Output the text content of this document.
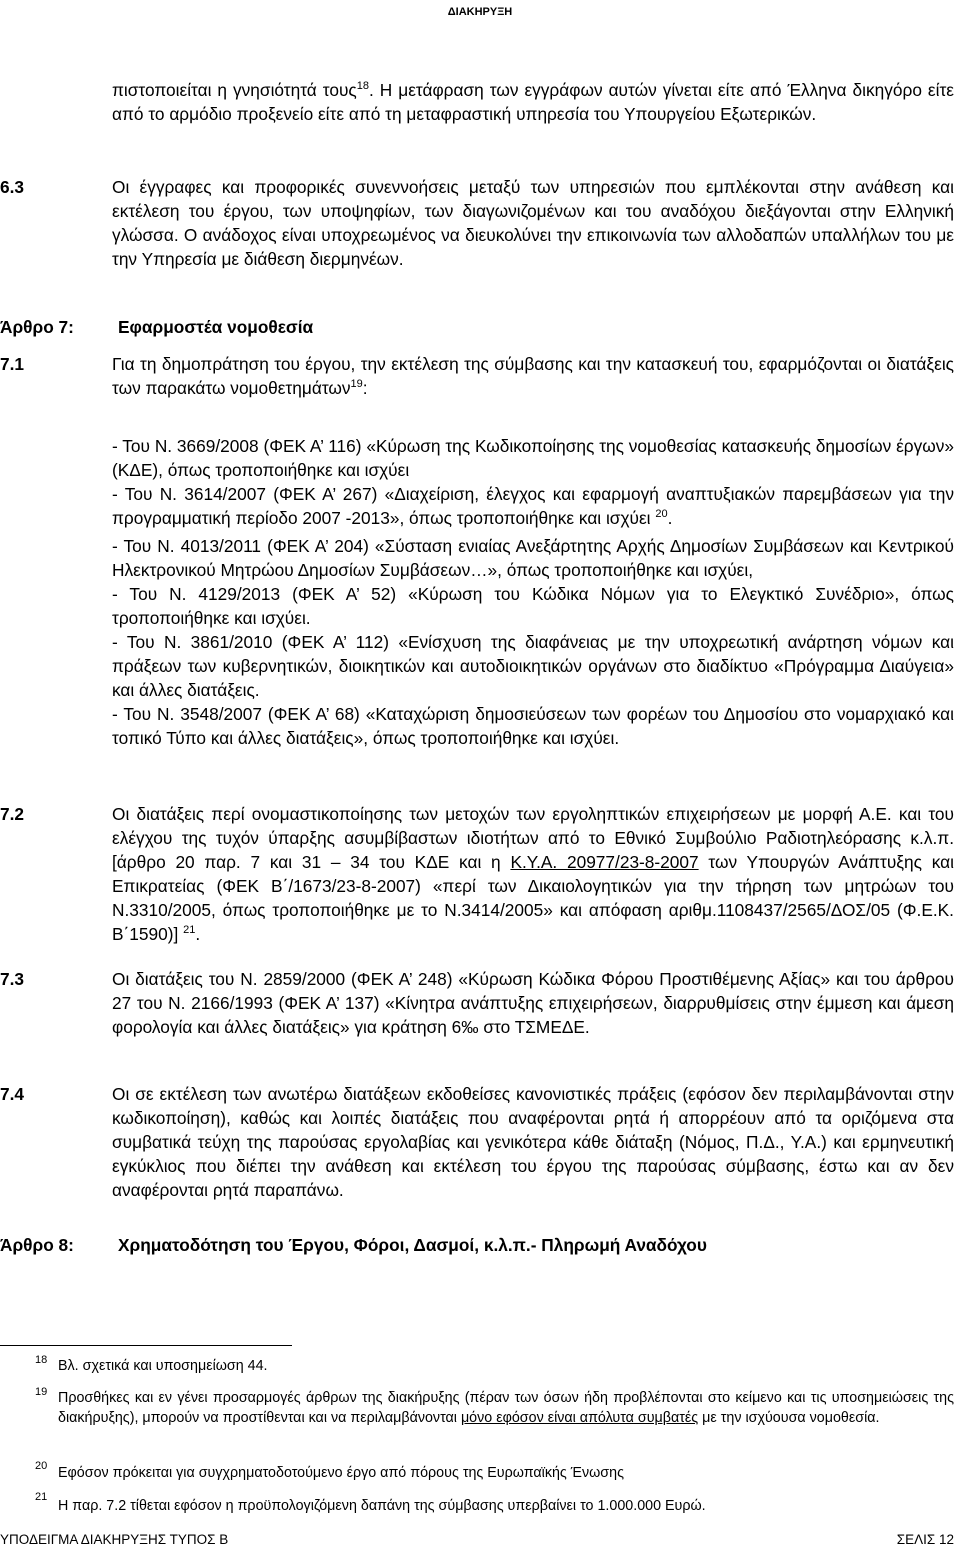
ΔΙΑΚΗΡΥΞΗ
πιστοποιείται η γνησιότητά τους$^{18}$. Η μετάφραση των εγγράφων αυτών γίνεται είτε από Έλληνα δικηγόρο είτε από το αρμόδιο προξενείο είτε από τη μεταφραστική υπηρεσία του Υπουργείου Εξωτερικών.
6.3	Οι έγγραφες και προφορικές συνεννοήσεις μεταξύ των υπηρεσιών που εμπλέκονται στην ανάθεση και εκτέλεση του έργου, των υποψηφίων, των διαγωνιζομένων και του αναδόχου διεξάγονται στην Ελληνική γλώσσα. Ο ανάδοχος είναι υποχρεωμένος να διευκολύνει την επικοινωνία των αλλοδαπών υπαλλήλων του με την Υπηρεσία με διάθεση διερμηνέων.
Άρθρο 7:	Εφαρμοστέα νομοθεσία
7.1	Για τη δημοπράτηση του έργου, την εκτέλεση της σύμβασης και την κατασκευή του, εφαρμόζονται οι διατάξεις των παρακάτω νομοθετημάτων$^{19}$:
- Του Ν. 3669/2008 (ΦΕΚ Α’ 116) «Κύρωση της Κωδικοποίησης της νομοθεσίας κατασκευής δημοσίων έργων» (ΚΔΕ), όπως τροποποιήθηκε και ισχύει
- Του Ν. 3614/2007 (ΦΕΚ Α’ 267) «Διαχείριση, έλεγχος και εφαρμογή αναπτυξιακών παρεμβάσεων για την προγραμματική περίοδο 2007 -2013», όπως τροποποιήθηκε και ισχύει $^{20}$.
- Του Ν. 4013/2011 (ΦΕΚ Α’ 204) «Σύσταση ενιαίας Ανεξάρτητης Αρχής Δημοσίων Συμβάσεων και Κεντρικού Ηλεκτρονικού Μητρώου Δημοσίων Συμβάσεων…», όπως τροποποιήθηκε και ισχύει,
- Του Ν. 4129/2013 (ΦΕΚ Α’ 52) «Κύρωση του Κώδικα Νόμων για το Ελεγκτικό Συνέδριο», όπως τροποποιήθηκε και ισχύει.
- Του Ν. 3861/2010 (ΦΕΚ Α’ 112) «Ενίσχυση της διαφάνειας με την υποχρεωτική ανάρτηση νόμων και πράξεων των κυβερνητικών, διοικητικών και αυτοδιοικητικών οργάνων στο διαδίκτυο «Πρόγραμμα Διαύγεια» και άλλες διατάξεις.
- Του Ν. 3548/2007 (ΦΕΚ Α’ 68) «Καταχώριση δημοσιεύσεων των φορέων του Δημοσίου στο νομαρχιακό και τοπικό Τύπο και άλλες διατάξεις», όπως τροποποιήθηκε και ισχύει.
7.2	Οι διατάξεις περί ονομαστικοποίησης των μετοχών των εργοληπτικών επιχειρήσεων με μορφή Α.Ε. και του ελέγχου της τυχόν ύπαρξης ασυμβίβαστων ιδιοτήτων από το Εθνικό Συμβούλιο Ραδιοτηλεόρασης κ.λ.π. [άρθρο 20 παρ. 7 και 31 – 34 του ΚΔΕ και η Κ.Υ.Α. 20977/23-8-2007 των Υπουργών Ανάπτυξης και Επικρατείας (ΦΕΚ Β΄/1673/23-8-2007) «περί των Δικαιολογητικών για την τήρηση των μητρώων του Ν.3310/2005, όπως τροποποιήθηκε με το Ν.3414/2005» και απόφαση αριθμ.1108437/2565/ΔΟΣ/05 (Φ.Ε.Κ. Β΄1590)] $^{21}$.
7.3	Οι διατάξεις του Ν. 2859/2000 (ΦΕΚ Α’ 248) «Κύρωση Κώδικα Φόρου Προστιθέμενης Αξίας» και του άρθρου 27 του Ν. 2166/1993 (ΦΕΚ Α’ 137) «Κίνητρα ανάπτυξης επιχειρήσεων, διαρρυθμίσεις στην έμμεση και άμεση φορολογία και άλλες διατάξεις» για κράτηση 6‰ στο ΤΣΜΕΔΕ.
7.4	Οι σε εκτέλεση των ανωτέρω διατάξεων εκδοθείσες κανονιστικές πράξεις (εφόσον δεν περιλαμβάνονται στην κωδικοποίηση), καθώς και λοιπές διατάξεις που αναφέρονται ρητά ή απορρέουν από τα οριζόμενα στα συμβατικά τεύχη της παρούσας εργολαβίας και γενικότερα κάθε διάταξη (Νόμος, Π.Δ., Υ.Α.) και ερμηνευτική εγκύκλιος που διέπει την ανάθεση και εκτέλεση του έργου της παρούσας σύμβασης, έστω και αν δεν αναφέρονται ρητά παραπάνω.
Άρθρο 8:	Χρηματοδότηση του Έργου, Φόροι, Δασμοί, κ.λ.π.- Πληρωμή Αναδόχου
18 Βλ. σχετικά και υποσημείωση 44.
19 Προσθήκες και εν γένει προσαρμογές άρθρων της διακήρυξης (πέραν των όσων ήδη προβλέπονται στο κείμενο και τις υποσημειώσεις της διακήρυξης), μπορούν να προστίθενται και να περιλαμβάνονται μόνο εφόσον είναι απόλυτα συμβατές με την ισχύουσα νομοθεσία.
20 Εφόσον πρόκειται για συγχρηματοδοτούμενο έργο από πόρους της Ευρωπαϊκής Ένωσης
21
Η παρ. 7.2 τίθεται εφόσον η προϋπολογιζόμενη δαπάνη της σύμβασης υπερβαίνει το 1.000.000 Ευρώ.
ΥΠΟΔΕΙΓΜΑ ΔΙΑΚΗΡΥΞΗΣ ΤΥΠΟΣ Β	ΣΕΛΙΣ 12
